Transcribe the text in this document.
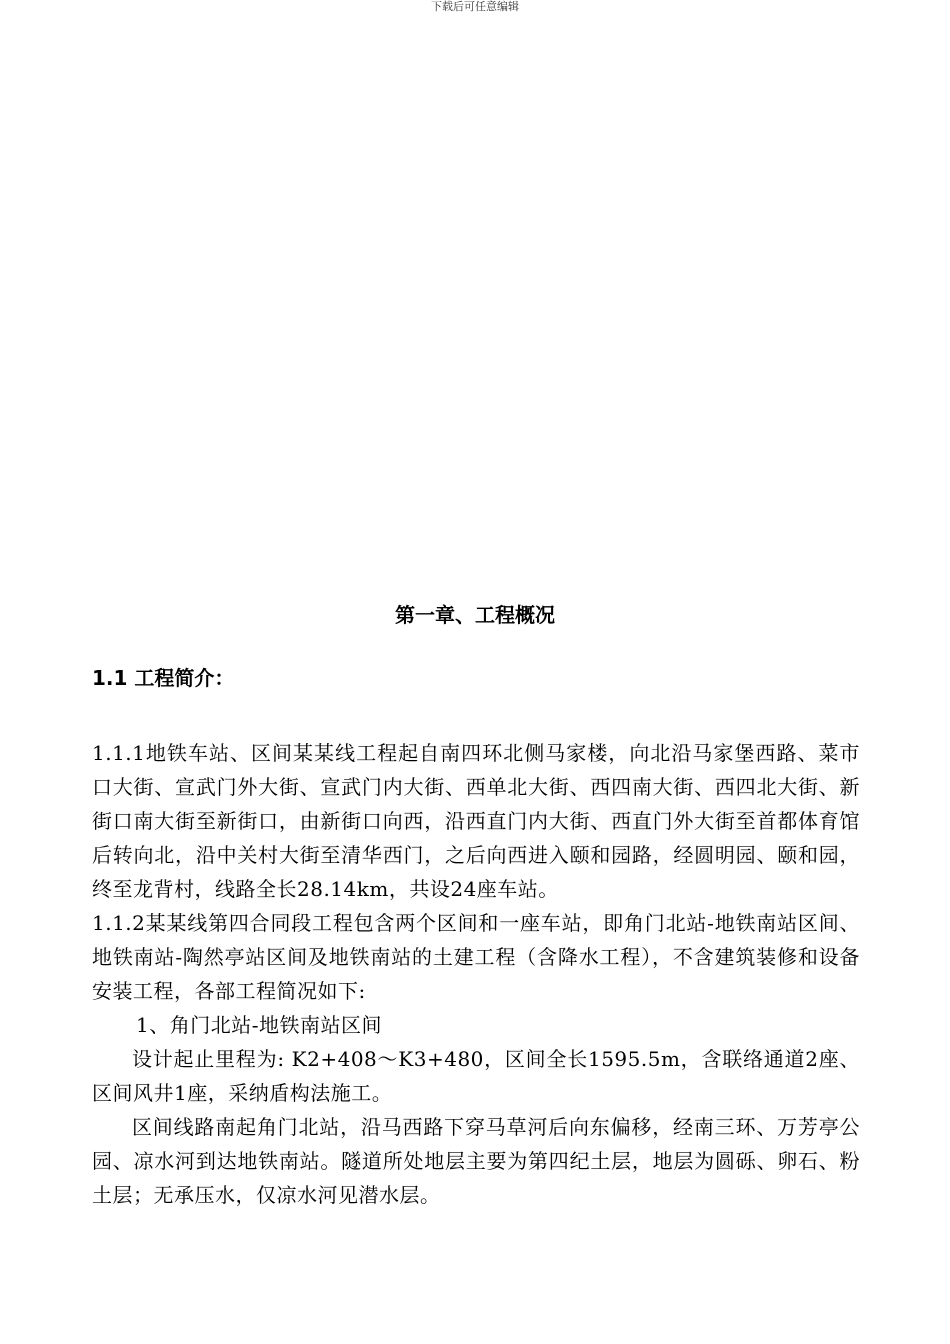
下载后可任意编辑
第一章、工程概况
1.1 工程简介：

1.1.1地铁车站、区间某某线工程起自南四环北侧马家楼，向北沿马家堡西路、菜市口大街、宣武门外大街、宣武门内大街、西单北大街、西四南大街、西四北大街、新街口南大街至新街口，由新街口向西，沿西直门内大街、西直门外大街至首都体育馆后转向北，沿中关村大街至清华西门，之后向西进入颐和园路，经圆明园、颐和园，终至龙背村，线路全长28.14km，共设24座车站。

1.1.2某某线第四合同段工程包含两个区间和一座车站，即角门北站-地铁南站区间、地铁南站-陶然亭站区间及地铁南站的土建工程（含降水工程），不含建筑装修和设备安装工程，各部工程简况如下:

1、角门北站-地铁南站区间

设计起止里程为: K2+408～K3+480，区间全长1595.5m，含联络通道2座、区间风井1座，采纳盾构法施工。

区间线路南起角门北站，沿马西路下穿马草河后向东偏移，经南三环、万芳亭公园、凉水河到达地铁南站。隧道所处地层主要为第四纪土层，地层为圆砾、卵石、粉土层；无承压水，仅凉水河见潜水层。
